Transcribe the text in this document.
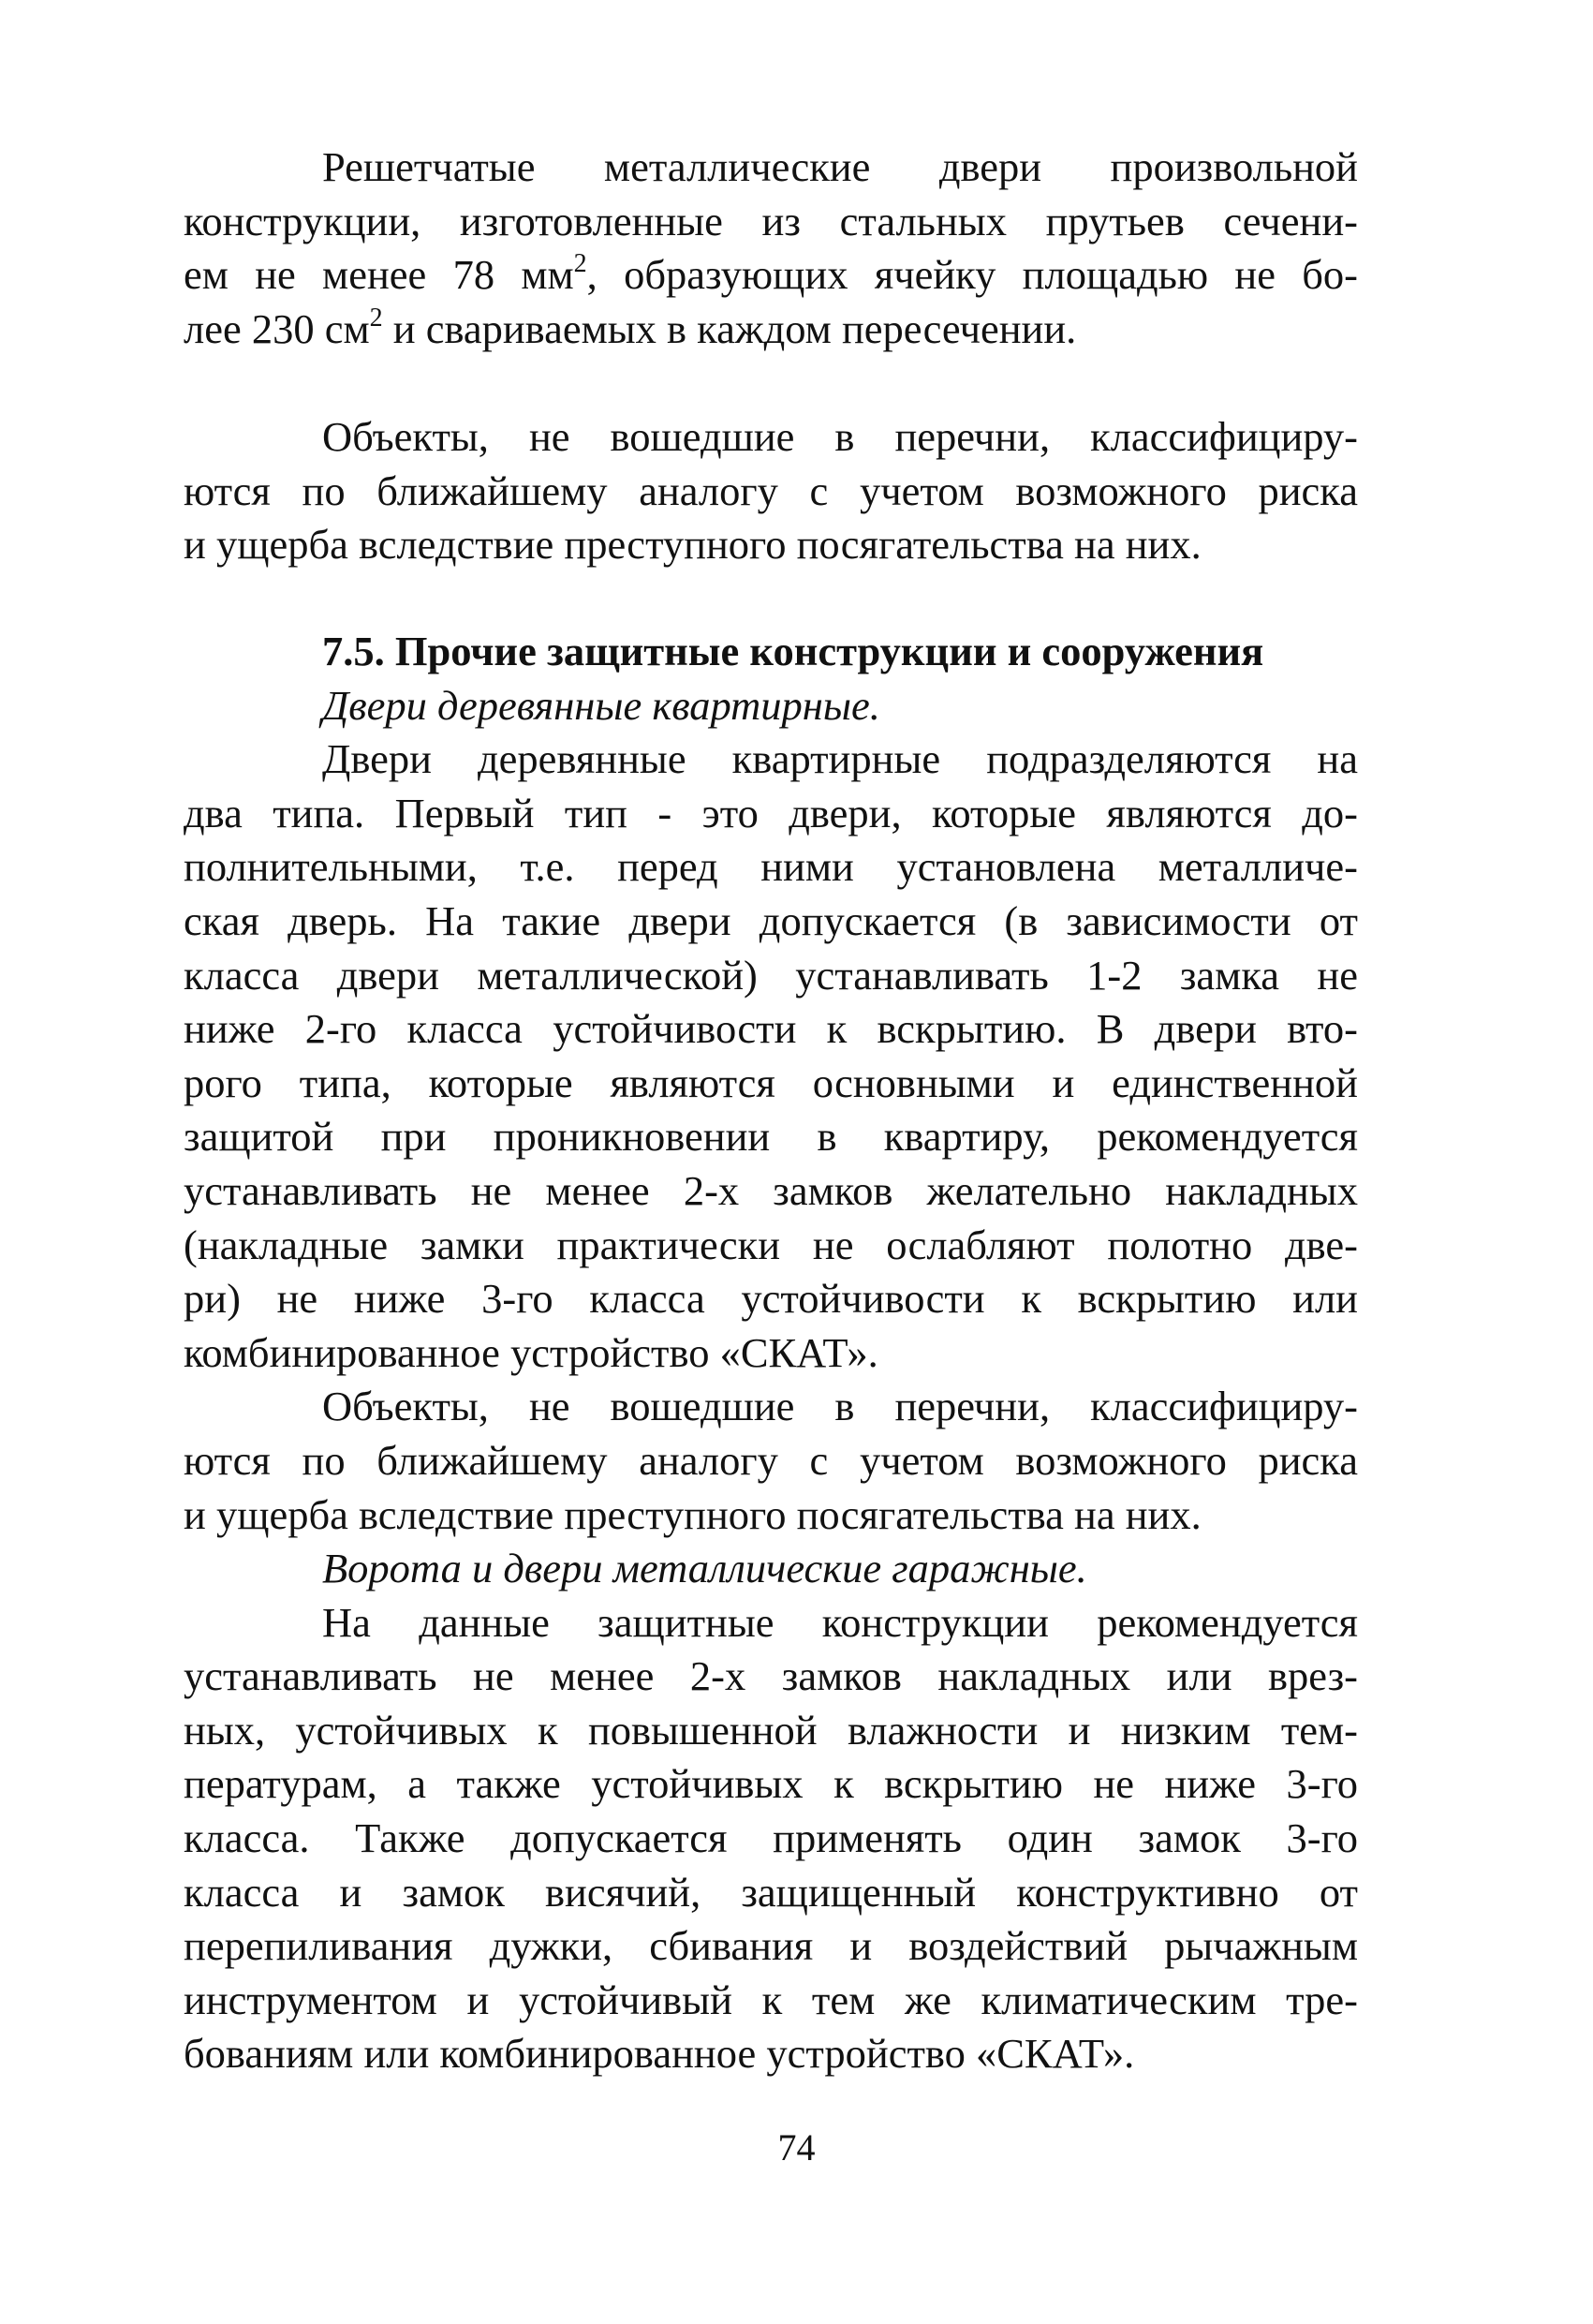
Решетчатые металлические двери произвольной
конструкции, изготовленные из стальных прутьев сечени-
ем не менее 78 $мм^2$, образующих ячейку площадью не бо-
лее 230 $см^2$ и свариваемых в каждом пересечении.
Объекты, не вошедшие в перечни, классифициру-
ются по ближайшему аналогу с учетом возможного риска
и ущерба вследствие преступного посягательства на них.
7.5. Прочие защитные конструкции и сооружения
Двери деревянные квартирные.
Двери деревянные квартирные подразделяются на
два типа. Первый тип - это двери, которые являются до-
полнительными, т.е. перед ними установлена металличе-
ская дверь. На такие двери допускается (в зависимости от
класса двери металлической) устанавливать 1-2 замка не
ниже 2-го класса устойчивости к вскрытию. В двери вто-
рого типа, которые являются основными и единственной
защитой при проникновении в квартиру, рекомендуется
устанавливать не менее 2-х замков желательно накладных
(накладные замки практически не ослабляют полотно две-
ри) не ниже 3-го класса устойчивости к вскрытию или
комбинированное устройство «СКАТ».
Объекты, не вошедшие в перечни, классифициру-
ются по ближайшему аналогу с учетом возможного риска
и ущерба вследствие преступного посягательства на них.
Ворота и двери металлические гаражные.
На данные защитные конструкции рекомендуется
устанавливать не менее 2-х замков накладных или врез-
ных, устойчивых к повышенной влажности и низким тем-
пературам, а также устойчивых к вскрытию не ниже 3-го
класса. Также допускается применять один замок 3-го
класса и замок висячий, защищенный конструктивно от
перепиливания дужки, сбивания и воздействий рычажным
инструментом и устойчивый к тем же климатическим тре-
бованиям или комбинированное устройство «СКАТ».
74
